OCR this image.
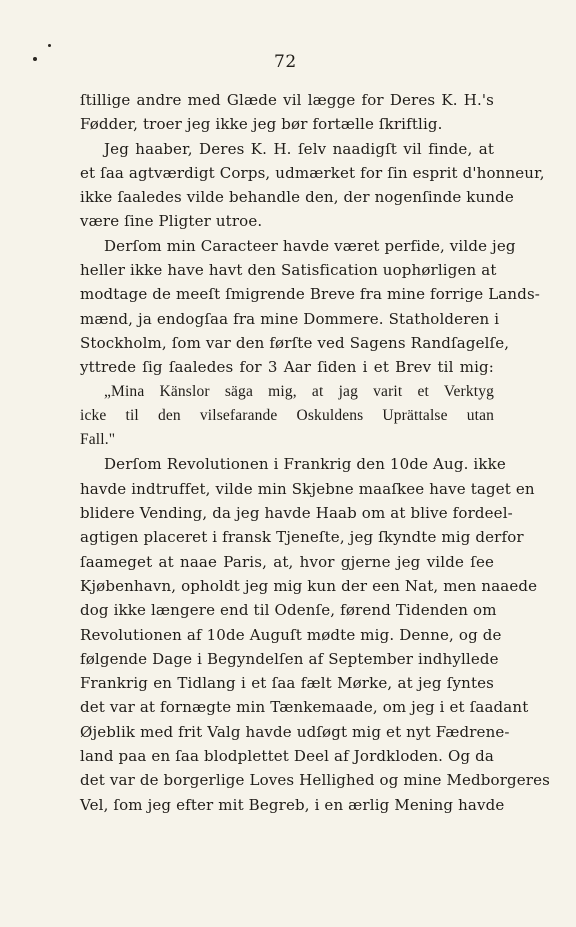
72
ſtillige andre med Glæde vil lægge for Deres K. H.'s
Fødder, troer jeg ikke jeg bør fortælle ſkriftlig.
Jeg haaber, Deres K. H. ſelv naadigſt vil finde, at
et ſaa agtværdigt Corps, udmærket for ſin esprit d'honneur,
ikke ſaaledes vilde behandle den, der nogenſinde kunde
være ſine Pligter utroe.
Derſom min Caracteer havde været perfide, vilde jeg
heller ikke have havt den Satisfication uophørligen at
modtage de meeſt ſmigrende Breve fra mine forrige Lands-
mænd, ja endogſaa fra mine Dommere. Statholderen i
Stockholm, ſom var den førſte ved Sagens Randſagelſe,
yttrede ſig ſaaledes for 3 Aar ſiden i et Brev til mig:
„Mina Känslor säga mig, at jag varit et Verktyg
icke til den vilsefarande Oskuldens Uprättalse utan
Fall."
Derſom Revolutionen i Frankrig den 10de Aug. ikke
havde indtruffet, vilde min Skjebne maaſkee have taget en
blidere Vending, da jeg havde Haab om at blive fordeel-
agtigen placeret i fransk Tjeneſte, jeg ſkyndte mig derfor
ſaameget at naae Paris, at, hvor gjerne jeg vilde ſee
Kjøbenhavn, opholdt jeg mig kun der een Nat, men naaede
dog ikke længere end til Odenſe, førend Tidenden om
Revolutionen af 10de Auguſt mødte mig. Denne, og de
følgende Dage i Begyndelſen af September indhyllede
Frankrig en Tidlang i et ſaa fælt Mørke, at jeg ſyntes
det var at fornægte min Tænkemaade, om jeg i et ſaadant
Øjeblik med frit Valg havde udſøgt mig et nyt Fædrene-
land paa en ſaa blodplettet Deel af Jordkloden. Og da
det var de borgerlige Loves Hellighed og mine Medborgeres
Vel, ſom jeg efter mit Begreb, i en ærlig Mening havde
